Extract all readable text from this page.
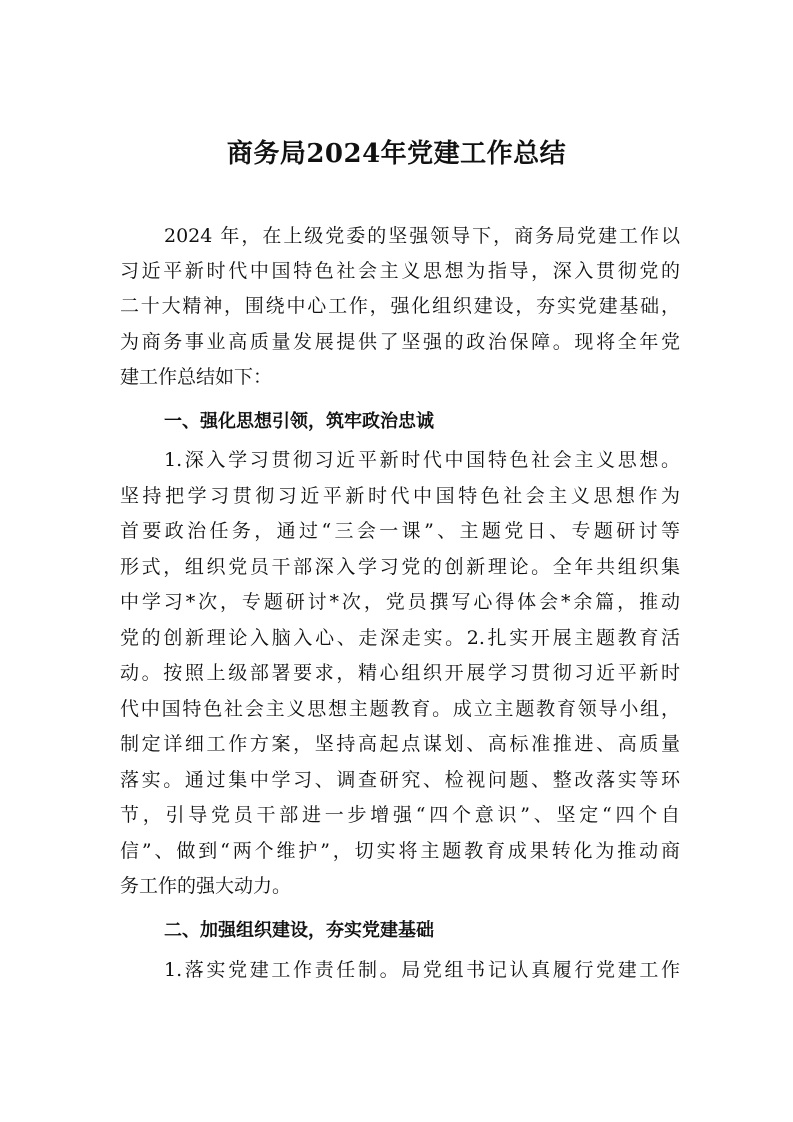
商务局2024年党建工作总结
2024 年，在上级党委的坚强领导下，商务局党建工作以
习近平新时代中国特色社会主义思想为指导，深入贯彻党的
二十大精神，围绕中心工作，强化组织建设，夯实党建基础，
为商务事业高质量发展提供了坚强的政治保障。现将全年党
建工作总结如下：
一、强化思想引领，筑牢政治忠诚
1.深入学习贯彻习近平新时代中国特色社会主义思想。
坚持把学习贯彻习近平新时代中国特色社会主义思想作为
首要政治任务，通过“三会一课”、主题党日、专题研讨等
形式，组织党员干部深入学习党的创新理论。全年共组织集
中学习*次，专题研讨*次，党员撰写心得体会*余篇，推动
党的创新理论入脑入心、走深走实。2.扎实开展主题教育活
动。按照上级部署要求，精心组织开展学习贯彻习近平新时
代中国特色社会主义思想主题教育。成立主题教育领导小组，
制定详细工作方案，坚持高起点谋划、高标准推进、高质量
落实。通过集中学习、调查研究、检视问题、整改落实等环
节，引导党员干部进一步增强“四个意识”、坚定“四个自
信”、做到“两个维护”，切实将主题教育成果转化为推动商
务工作的强大动力。
二、加强组织建设，夯实党建基础
1.落实党建工作责任制。局党组书记认真履行党建工作
